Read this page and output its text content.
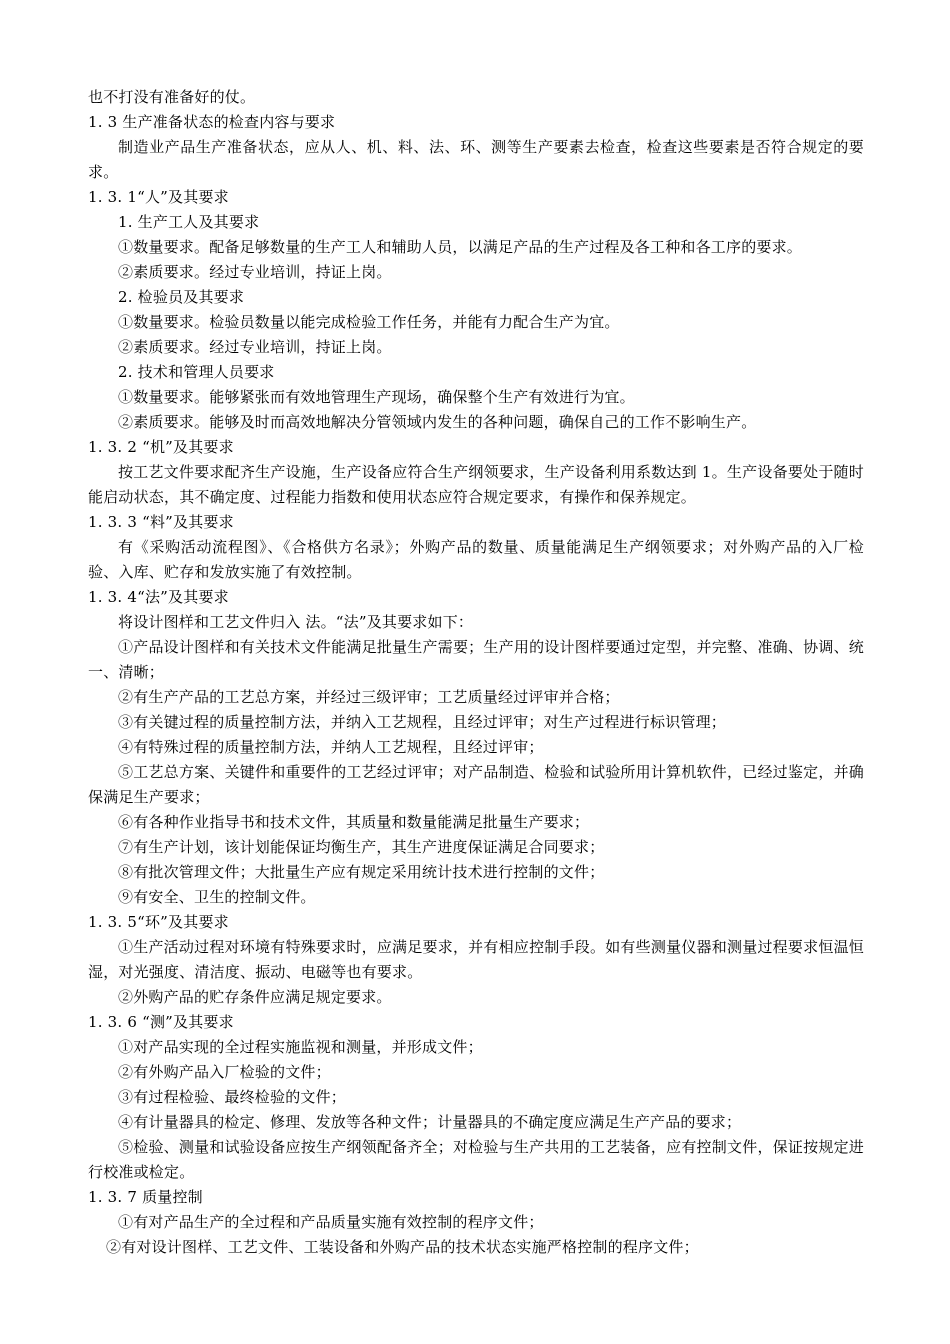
也不打没有准备好的仗。
1. 3 生产准备状态的检查内容与要求
制造业产品生产准备状态，应从人、机、料、法、环、测等生产要素去检查，检查这些要素是否符合规定的要求。
1. 3. 1“人”及其要求
1. 生产工人及其要求
①数量要求。配备足够数量的生产工人和辅助人员，以满足产品的生产过程及各工种和各工序的要求。
②素质要求。经过专业培训，持证上岗。
2. 检验员及其要求
①数量要求。检验员数量以能完成检验工作任务，并能有力配合生产为宜。
②素质要求。经过专业培训，持证上岗。
2. 技术和管理人员要求
①数量要求。能够紧张而有效地管理生产现场，确保整个生产有效进行为宜。
②素质要求。能够及时而高效地解决分管领域内发生的各种问题，确保自己的工作不影响生产。
1. 3. 2 “机”及其要求
按工艺文件要求配齐生产设施，生产设备应符合生产纲领要求，生产设备利用系数达到 1。生产设备要处于随时能启动状态，其不确定度、过程能力指数和使用状态应符合规定要求，有操作和保养规定。
1. 3. 3 “料”及其要求
有《采购活动流程图》、《合格供方名录》；外购产品的数量、质量能满足生产纲领要求；对外购产品的入厂检验、入库、贮存和发放实施了有效控制。
1. 3. 4“法”及其要求
将设计图样和工艺文件归入 法。“法”及其要求如下：
①产品设计图样和有关技术文件能满足批量生产需要；生产用的设计图样要通过定型，并完整、准确、协调、统一、清晰；
②有生产产品的工艺总方案，并经过三级评审；工艺质量经过评审并合格；
③有关键过程的质量控制方法，并纳入工艺规程，且经过评审；对生产过程进行标识管理；
④有特殊过程的质量控制方法，并纳人工艺规程，且经过评审；
⑤工艺总方案、关键件和重要件的工艺经过评审；对产品制造、检验和试验所用计算机软件，已经过鉴定，并确保满足生产要求；
⑥有各种作业指导书和技术文件，其质量和数量能满足批量生产要求；
⑦有生产计划，该计划能保证均衡生产，其生产进度保证满足合同要求；
⑧有批次管理文件；大批量生产应有规定采用统计技术进行控制的文件；
⑨有安全、卫生的控制文件。
1. 3. 5“环”及其要求
①生产活动过程对环境有特殊要求时，应满足要求，并有相应控制手段。如有些测量仪器和测量过程要求恒温恒湿，对光强度、清洁度、振动、电磁等也有要求。
②外购产品的贮存条件应满足规定要求。
1. 3. 6 “测”及其要求
①对产品实现的全过程实施监视和测量，并形成文件；
②有外购产品入厂检验的文件；
③有过程检验、最终检验的文件；
④有计量器具的检定、修理、发放等各种文件；计量器具的不确定度应满足生产产品的要求；
⑤检验、测量和试验设备应按生产纲领配备齐全；对检验与生产共用的工艺装备，应有控制文件，保证按规定进行校准或检定。
1. 3. 7 质量控制
①有对产品生产的全过程和产品质量实施有效控制的程序文件；
②有对设计图样、工艺文件、工装设备和外购产品的技术状态实施严格控制的程序文件；
